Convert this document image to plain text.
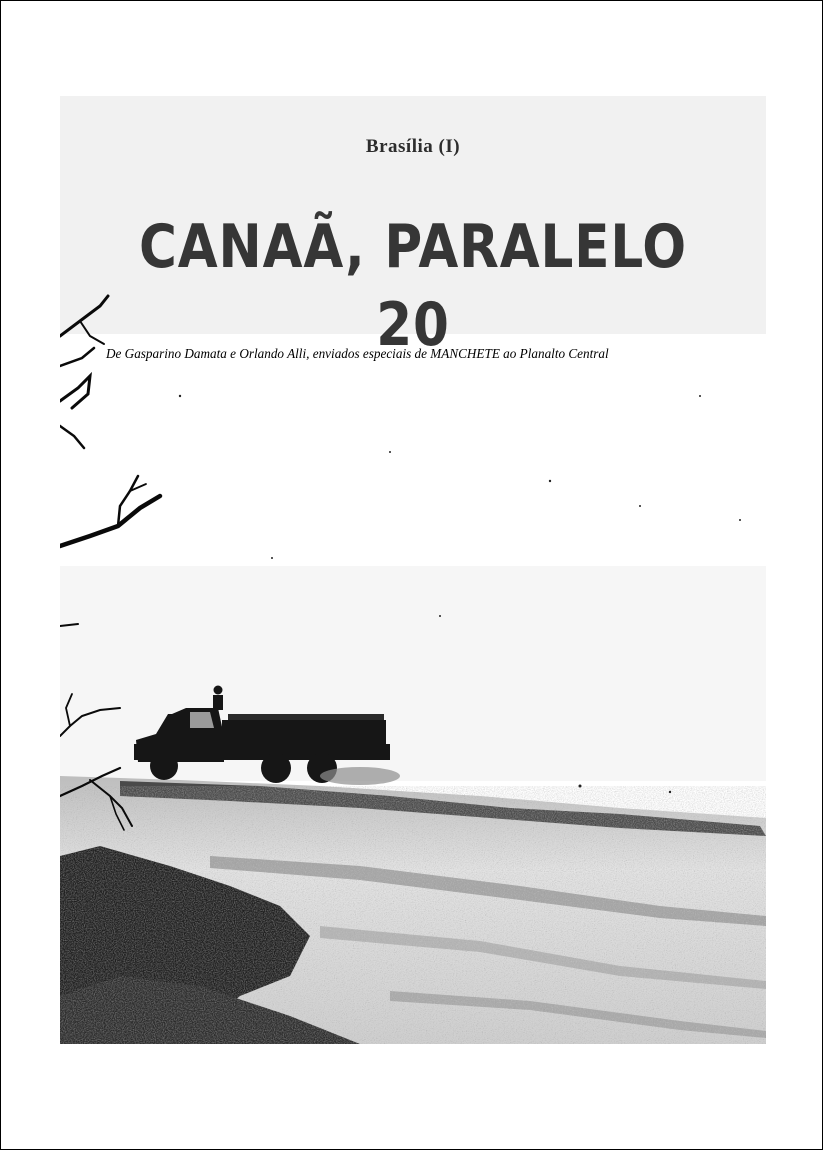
Brasília (I)
CANAÃ, PARALELO 20
De Gasparino Damata e Orlando Alli, enviados especiais de MANCHETE ao Planalto Central
